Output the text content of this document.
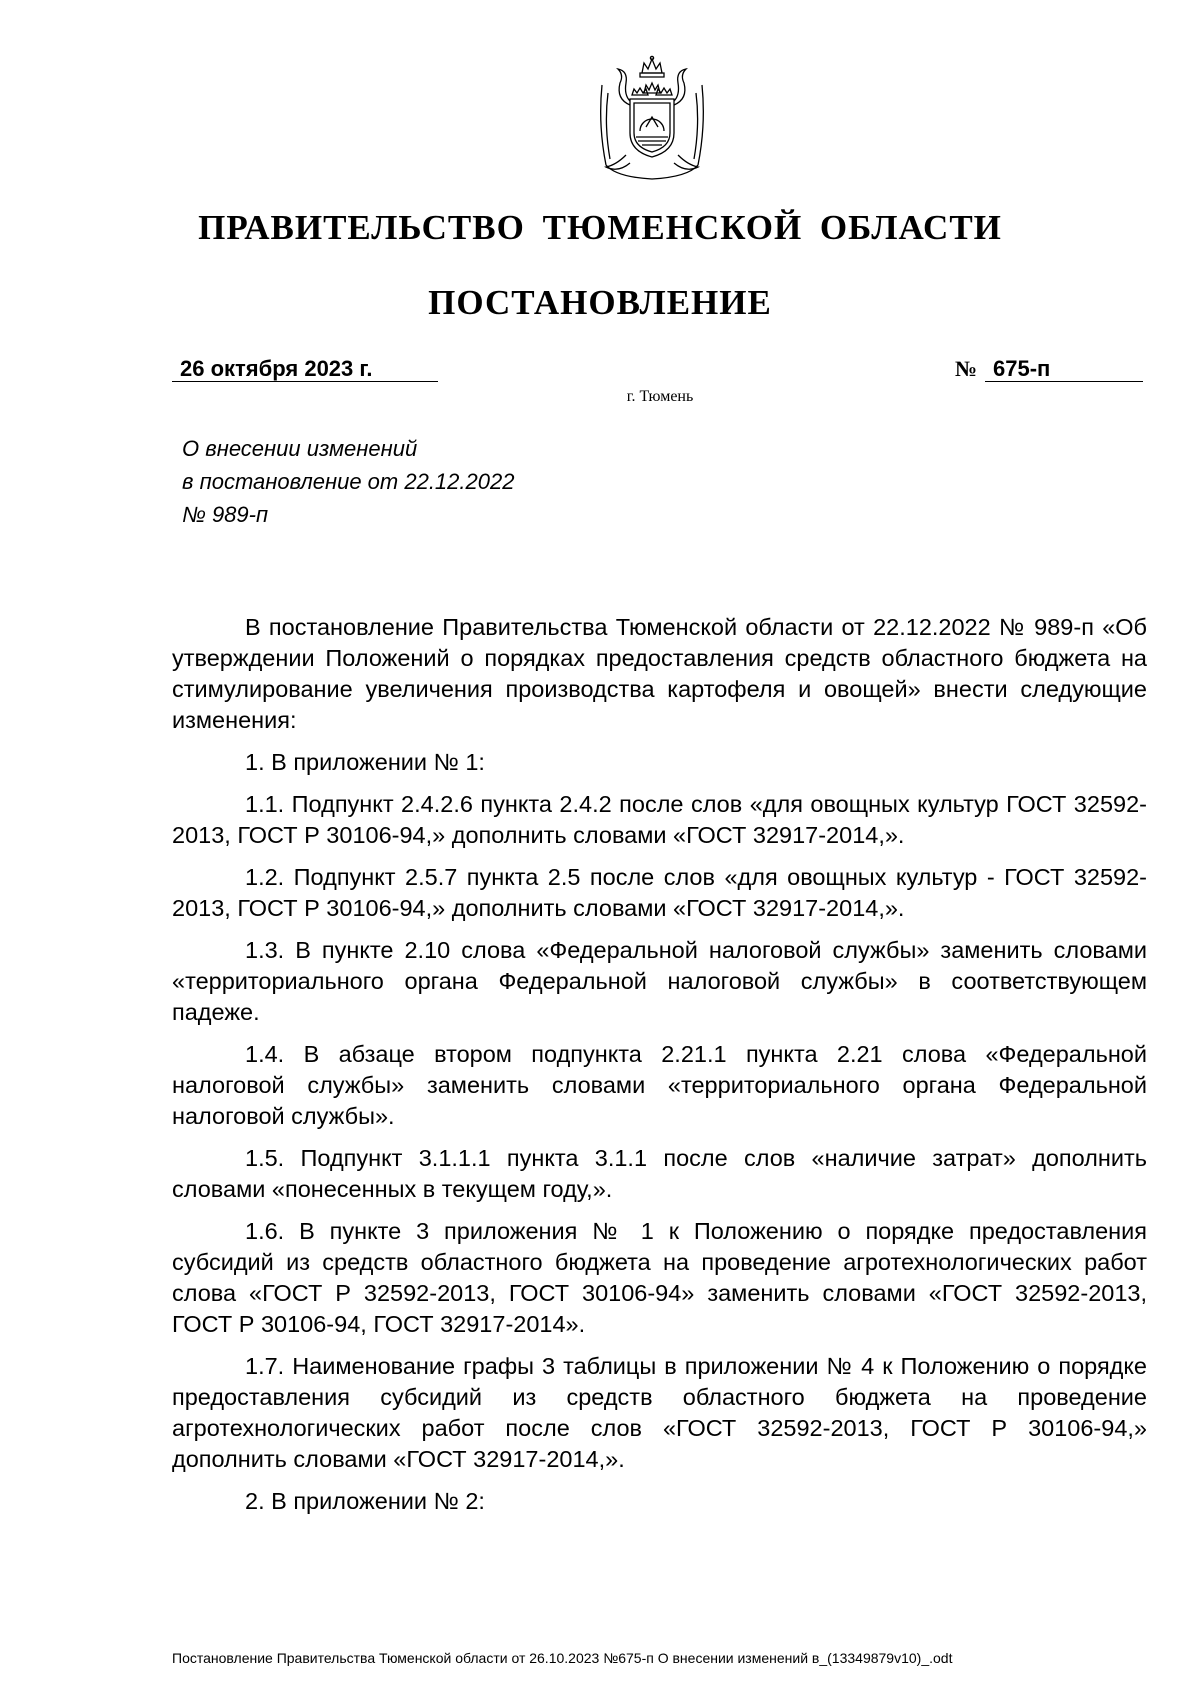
ПРАВИТЕЛЬСТВО ТЮМЕНСКОЙ ОБЛАСТИ
ПОСТАНОВЛЕНИЕ
26 октября 2023 г.	№ 675-п
г. Тюмень
О внесении изменений
в постановление от 22.12.2022
№ 989-п

В постановление Правительства Тюменской области от 22.12.2022 № 989-п «Об утверждении Положений о порядках предоставления средств областного бюджета на стимулирование увеличения производства картофеля и овощей» внести следующие изменения:

1. В приложении № 1:

1.1. Подпункт 2.4.2.6 пункта 2.4.2 после слов «для овощных культур ГОСТ 32592-2013, ГОСТ Р 30106-94,» дополнить словами «ГОСТ 32917-2014,».

1.2. Подпункт 2.5.7 пункта 2.5 после слов «для овощных культур - ГОСТ 32592-2013, ГОСТ Р 30106-94,» дополнить словами «ГОСТ 32917-2014,».

1.3. В пункте 2.10 слова «Федеральной налоговой службы» заменить словами «территориального органа Федеральной налоговой службы» в соответствующем падеже.

1.4. В абзаце втором подпункта 2.21.1 пункта 2.21 слова «Федеральной налоговой службы» заменить словами «территориального органа Федеральной налоговой службы».

1.5. Подпункт 3.1.1.1 пункта 3.1.1 после слов «наличие затрат» дополнить словами «понесенных в текущем году,».

1.6. В пункте 3 приложения № 1 к Положению о порядке предоставления субсидий из средств областного бюджета на проведение агротехнологических работ слова «ГОСТ Р 32592-2013, ГОСТ 30106-94» заменить словами «ГОСТ 32592-2013, ГОСТ Р 30106-94, ГОСТ 32917-2014».

1.7. Наименование графы 3 таблицы в приложении № 4 к Положению о порядке предоставления субсидий из средств областного бюджета на проведение агротехнологических работ после слов «ГОСТ 32592-2013, ГОСТ Р 30106-94,» дополнить словами «ГОСТ 32917-2014,».

2. В приложении № 2:

Постановление Правительства Тюменской области от 26.10.2023 №675-п О внесении изменений в_(13349879v10)_.odt
